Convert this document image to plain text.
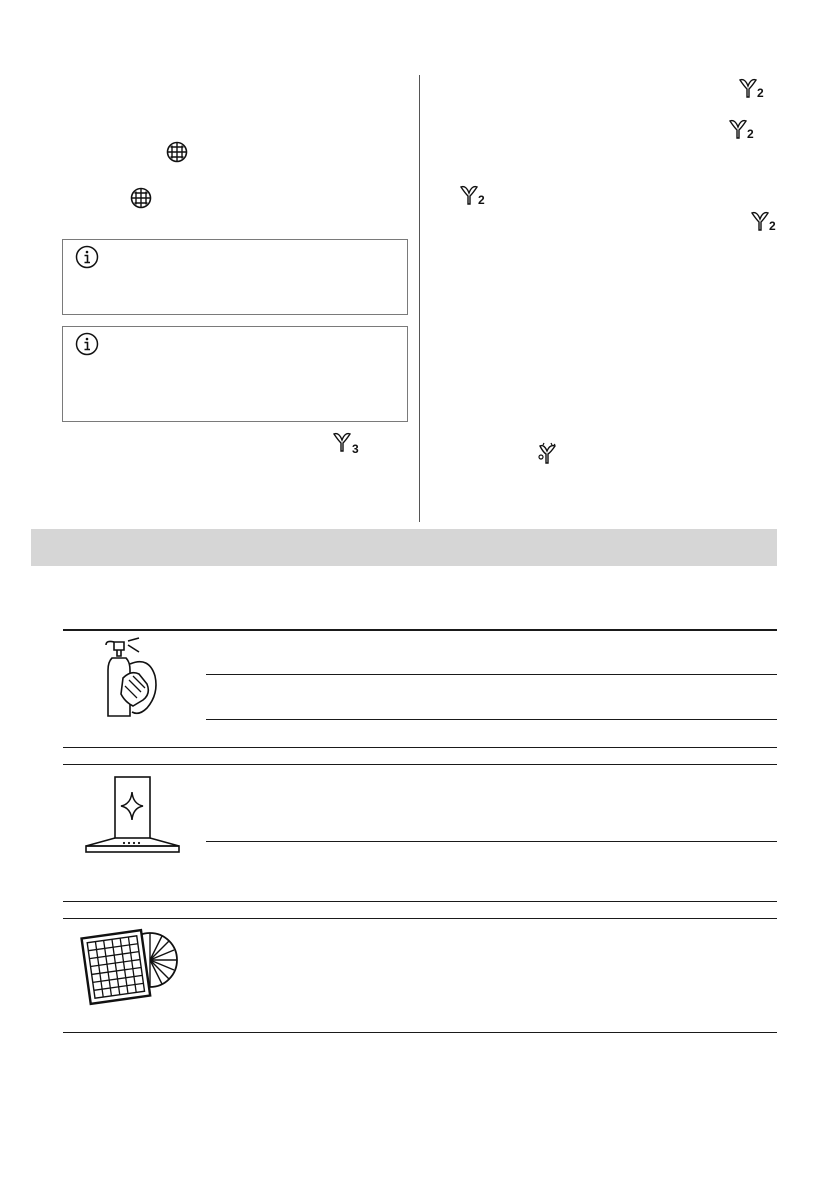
3
2
2
2
2
